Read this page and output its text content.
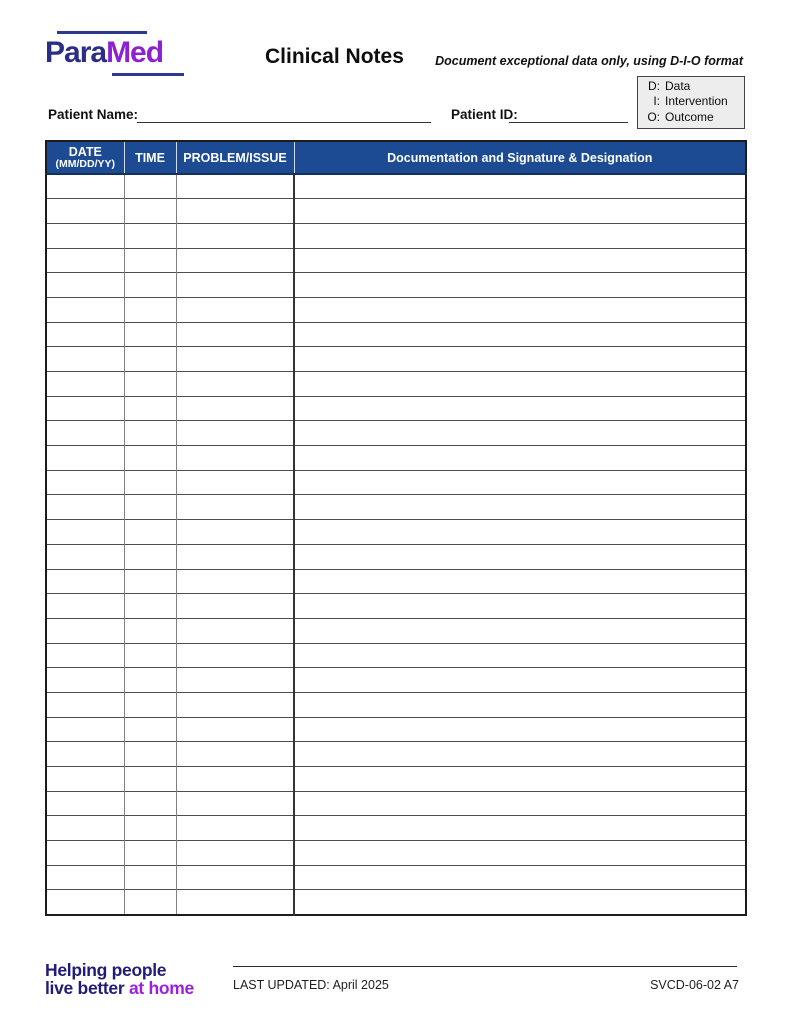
ParaMed	Clinical Notes Document exceptional data only, using D-I-O format
D: Data
I: Intervention
O: Outcome
Patient Name:	Patient ID:
DATE
(MM/DD/YY)	TIME	PROBLEM/ISSUE	Documentation and Signature & Designation

Helping people
live better at home	LAST UPDATED: April 2025	SVCD-06-02 A7
